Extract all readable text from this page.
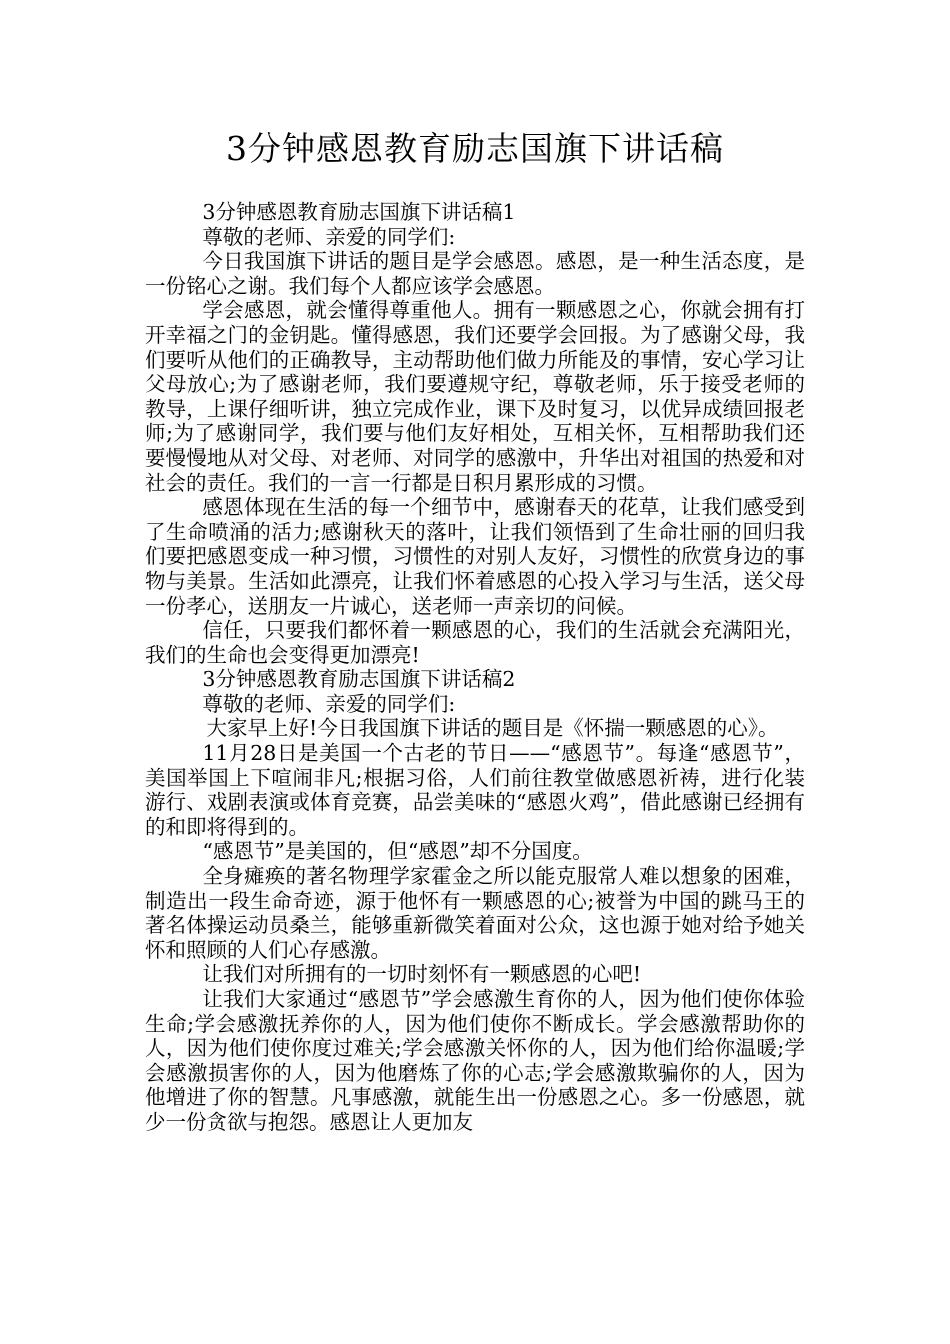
3分钟感恩教育励志国旗下讲话稿

3分钟感恩教育励志国旗下讲话稿1

尊敬的老师、亲爱的同学们:

今日我国旗下讲话的题目是学会感恩。感恩，是一种生活态度，是一份铭心之谢。我们每个人都应该学会感恩。

学会感恩，就会懂得尊重他人。拥有一颗感恩之心，你就会拥有打开幸福之门的金钥匙。懂得感恩，我们还要学会回报。为了感谢父母，我们要听从他们的正确教导，主动帮助他们做力所能及的事情，安心学习让父母放心;为了感谢老师，我们要遵规守纪，尊敬老师，乐于接受老师的教导，上课仔细听讲，独立完成作业，课下及时复习，以优异成绩回报老师;为了感谢同学，我们要与他们友好相处，互相关怀，互相帮助我们还要慢慢地从对父母、对老师、对同学的感激中，升华出对祖国的热爱和对社会的责任。我们的一言一行都是日积月累形成的习惯。

感恩体现在生活的每一个细节中，感谢春天的花草，让我们感受到了生命喷涌的活力;感谢秋天的落叶，让我们领悟到了生命壮丽的回归我们要把感恩变成一种习惯，习惯性的对别人友好，习惯性的欣赏身边的事物与美景。生活如此漂亮，让我们怀着感恩的心投入学习与生活，送父母一份孝心，送朋友一片诚心，送老师一声亲切的问候。

信任，只要我们都怀着一颗感恩的心，我们的生活就会充满阳光，我们的生命也会变得更加漂亮!

3分钟感恩教育励志国旗下讲话稿2

尊敬的老师、亲爱的同学们:

大家早上好!今日我国旗下讲话的题目是《怀揣一颗感恩的心》。

11月28日是美国一个古老的节日——“感恩节”。每逢“感恩节”，美国举国上下喧闹非凡;根据习俗，人们前往教堂做感恩祈祷，进行化装游行、戏剧表演或体育竞赛，品尝美味的“感恩火鸡”，借此感谢已经拥有的和即将得到的。

“感恩节”是美国的，但“感恩”却不分国度。

全身瘫痪的著名物理学家霍金之所以能克服常人难以想象的困难，制造出一段生命奇迹，源于他怀有一颗感恩的心;被誉为中国的跳马王的著名体操运动员桑兰，能够重新微笑着面对公众，这也源于她对给予她关怀和照顾的人们心存感激。

让我们对所拥有的一切时刻怀有一颗感恩的心吧!

让我们大家通过“感恩节”学会感激生育你的人，因为他们使你体验生命;学会感激抚养你的人，因为他们使你不断成长。学会感激帮助你的人，因为他们使你度过难关;学会感激关怀你的人，因为他们给你温暖;学会感激损害你的人，因为他磨炼了你的心志;学会感激欺骗你的人，因为他增进了你的智慧。凡事感激，就能生出一份感恩之心。多一份感恩，就少一份贪欲与抱怨。感恩让人更加友
